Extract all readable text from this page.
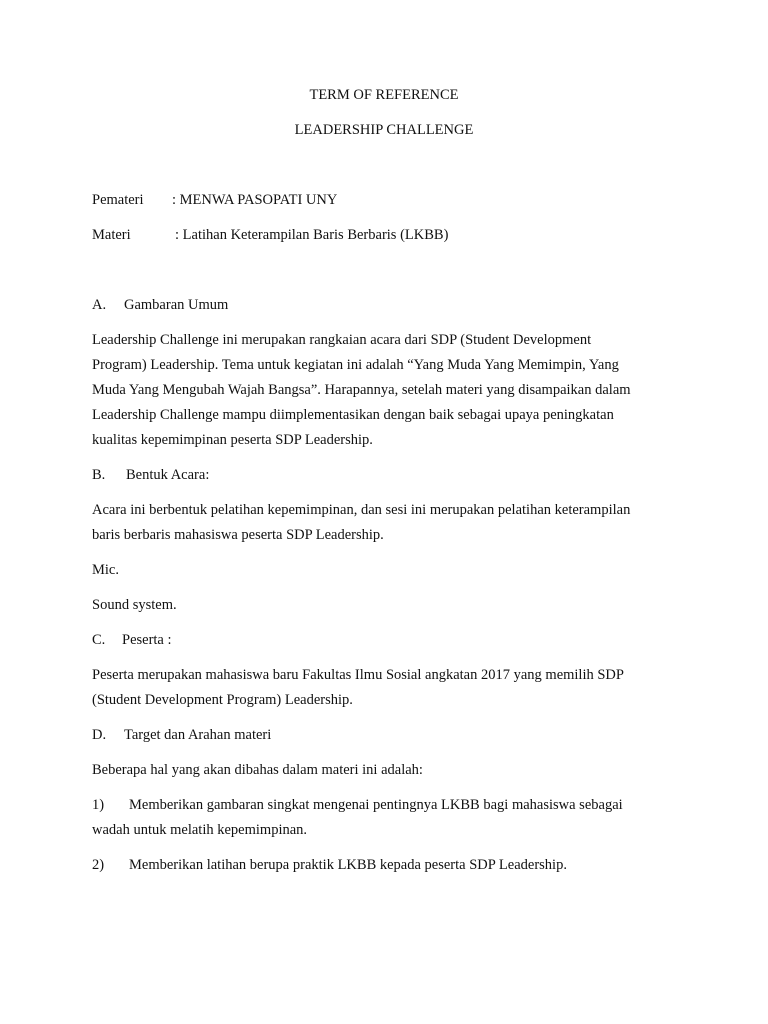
TERM OF REFERENCE
LEADERSHIP CHALLENGE
Pemateri : MENWA PASOPATI UNY
Materi	: Latihan Keterampilan Baris Berbaris (LKBB)
A. Gambaran Umum
Leadership Challenge ini merupakan rangkaian acara dari SDP (Student Development
Program) Leadership. Tema untuk kegiatan ini adalah “Yang Muda Yang Memimpin, Yang
Muda Yang Mengubah Wajah Bangsa”. Harapannya, setelah materi yang disampaikan dalam
Leadership Challenge mampu diimplementasikan dengan baik sebagai upaya peningkatan
kualitas kepemimpinan peserta SDP Leadership.
B. Bentuk Acara:
Acara ini berbentuk pelatihan kepemimpinan, dan sesi ini merupakan pelatihan keterampilan
baris berbaris mahasiswa peserta SDP Leadership.
Mic.
Sound system.
C. Peserta :
Peserta merupakan mahasiswa baru Fakultas Ilmu Sosial angkatan 2017 yang memilih SDP
(Student Development Program) Leadership.
D. Target dan Arahan materi
Beberapa hal yang akan dibahas dalam materi ini adalah:
1) Memberikan gambaran singkat mengenai pentingnya LKBB bagi mahasiswa sebagai
wadah untuk melatih kepemimpinan.
2) Memberikan latihan berupa praktik LKBB kepada peserta SDP Leadership.
